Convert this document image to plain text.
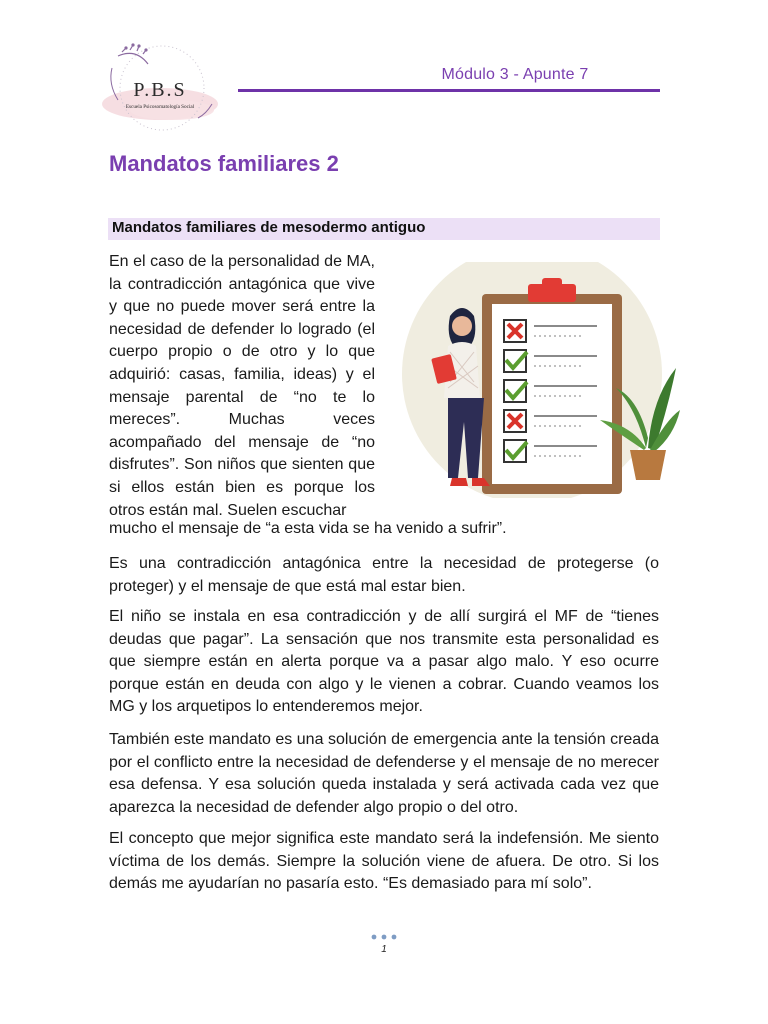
P.B.S
Escuela Psicosomatología Social
Módulo 3 - Apunte 7
Mandatos familiares 2
Mandatos familiares de mesodermo antiguo

En el caso de la personalidad de MA, la contradicción antagónica que vive y que no puede mover será entre la necesidad de defender lo logrado (el cuerpo propio o de otro y lo que adquirió: casas, familia, ideas) y el mensaje parental de “no te lo mereces”. Muchas veces acompañado del mensaje de “no disfrutes”. Son niños que sienten que si ellos están bien es porque los otros están mal. Suelen escuchar

mucho el mensaje de “a esta vida se ha venido a sufrir”.

Es una contradicción antagónica entre la necesidad de protegerse (o proteger) y el mensaje de que está mal estar bien.

El niño se instala en esa contradicción y de allí surgirá el MF de “tienes deudas que pagar”. La sensación que nos transmite esta personalidad es que siempre están en alerta porque va a pasar algo malo. Y eso ocurre porque están en deuda con algo y le vienen a cobrar. Cuando veamos los MG y los arquetipos lo entenderemos mejor.

También este mandato es una solución de emergencia ante la tensión creada por el conflicto entre la necesidad de defenderse y el mensaje de no merecer esa defensa. Y esa solución queda instalada y será activada cada vez que aparezca la necesidad de defender algo propio o del otro.

El concepto que mejor significa este mandato será la indefensión. Me siento víctima de los demás. Siempre la solución viene de afuera. De otro. Si los demás me ayudarían no pasaría esto. “Es demasiado para mí solo”.

1
